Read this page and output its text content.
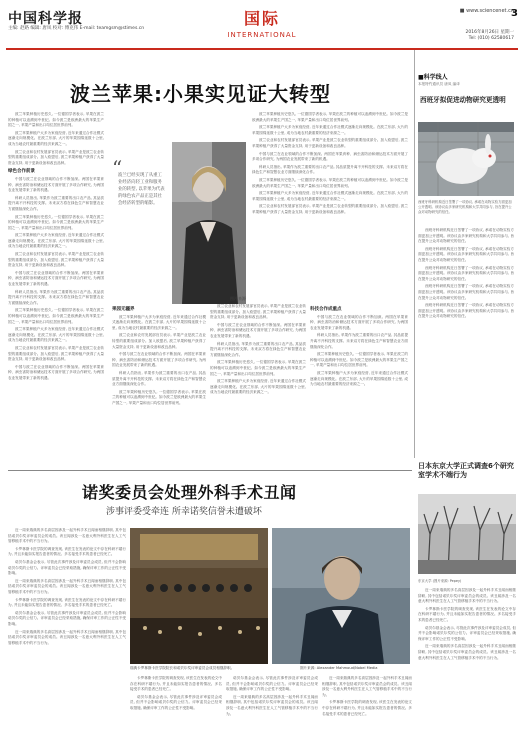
中国科学报
主编: 赵路 编辑: 唐凤 校对: 傅克伟 E-mail: teamgsm@stimes.cn
国际
INTERNATIONAL
■ www.sciencenet.cn
2016年8月26日 星期一
Tel: (010) 62580617
3
波兰苹果:小果实见证大转型

波兰苹果种植历史悠久, 一位德国学者表示, 苹果在波兰的种植可以追溯到中世纪。如今波兰是欧洲最大的苹果生产国之一, 苹果产量和出口均位居世界前列。

波兰苹果种植户大多为家庭经营, 近年来通过合作社模式逐渐走向规模化。在波兰东部, 大片的苹果园绵延数十公里, 成为当地农村最重要的经济来源之一。

波兰农业和农村发展部官员表示, 苹果产业是波兰农业转型的重要组成部分。加入欧盟后, 波兰苹果种植户获得了大量资金支持, 用于更新设备和改良品种。

绿色合作前景

中国与波兰在农业领域的合作不断加深。两国在苹果育种、病虫害防治和储运技术方面开展了多项合作研究, 为两国农业发展带来了新的机遇。

科研人员指出, 苹果作为波兰重要的出口农产品, 其品质提升离不开科技的支撑。未来双方将在绿色生产和智慧农业方面继续深化合作。

波兰苹果种植历史悠久, 一位德国学者表示, 苹果在波兰的种植可以追溯到中世纪。如今波兰是欧洲最大的苹果生产国之一, 苹果产量和出口均位居世界前列。

波兰苹果种植户大多为家庭经营, 近年来通过合作社模式逐渐走向规模化。在波兰东部, 大片的苹果园绵延数十公里, 成为当地农村最重要的经济来源之一。

波兰农业和农村发展部官员表示, 苹果产业是波兰农业转型的重要组成部分。加入欧盟后, 波兰苹果种植户获得了大量资金支持, 用于更新设备和改良品种。

中国与波兰在农业领域的合作不断加深。两国在苹果育种、病虫害防治和储运技术方面开展了多项合作研究, 为两国农业发展带来了新的机遇。

科研人员指出, 苹果作为波兰重要的出口农产品, 其品质提升离不开科技的支撑。未来双方将在绿色生产和智慧农业方面继续深化合作。

波兰苹果种植历史悠久, 一位德国学者表示, 苹果在波兰的种植可以追溯到中世纪。如今波兰是欧洲最大的苹果生产国之一, 苹果产量和出口均位居世界前列。

波兰苹果种植户大多为家庭经营, 近年来通过合作社模式逐渐走向规模化。在波兰东部, 大片的苹果园绵延数十公里, 成为当地农村最重要的经济来源之一。

波兰农业和农村发展部官员表示, 苹果产业是波兰农业转型的重要组成部分。加入欧盟后, 波兰苹果种植户获得了大量资金支持, 用于更新设备和改良品种。

中国与波兰在农业领域的合作不断加深。两国在苹果育种、病虫害防治和储运技术方面开展了多项合作研究, 为两国农业发展带来了新的机遇。

“
波兰已经实现了从重工业经济向轻工业和服务业的转型, 以苹果为代表的绿色农产品正是其社会经济转型的缩影。
图片来源

果园无疆界

波兰苹果种植户大多为家庭经营, 近年来通过合作社模式逐渐走向规模化。在波兰东部, 大片的苹果园绵延数十公里, 成为当地农村最重要的经济来源之一。

波兰农业和农村发展部官员表示, 苹果产业是波兰农业转型的重要组成部分。加入欧盟后, 波兰苹果种植户获得了大量资金支持, 用于更新设备和改良品种。

中国与波兰在农业领域的合作不断加深。两国在苹果育种、病虫害防治和储运技术方面开展了多项合作研究, 为两国农业发展带来了新的机遇。

科研人员指出, 苹果作为波兰重要的出口农产品, 其品质提升离不开科技的支撑。未来双方将在绿色生产和智慧农业方面继续深化合作。

波兰苹果种植历史悠久, 一位德国学者表示, 苹果在波兰的种植可以追溯到中世纪。如今波兰是欧洲最大的苹果生产国之一, 苹果产量和出口均位居世界前列。

波兰农业和农村发展部官员表示, 苹果产业是波兰农业转型的重要组成部分。加入欧盟后, 波兰苹果种植户获得了大量资金支持, 用于更新设备和改良品种。

中国与波兰在农业领域的合作不断加深。两国在苹果育种、病虫害防治和储运技术方面开展了多项合作研究, 为两国农业发展带来了新的机遇。

科研人员指出, 苹果作为波兰重要的出口农产品, 其品质提升离不开科技的支撑。未来双方将在绿色生产和智慧农业方面继续深化合作。

波兰苹果种植历史悠久, 一位德国学者表示, 苹果在波兰的种植可以追溯到中世纪。如今波兰是欧洲最大的苹果生产国之一, 苹果产量和出口均位居世界前列。

波兰苹果种植户大多为家庭经营, 近年来通过合作社模式逐渐走向规模化。在波兰东部, 大片的苹果园绵延数十公里, 成为当地农村最重要的经济来源之一。

波兰苹果种植历史悠久, 一位德国学者表示, 苹果在波兰的种植可以追溯到中世纪。如今波兰是欧洲最大的苹果生产国之一, 苹果产量和出口均位居世界前列。

波兰苹果种植户大多为家庭经营, 近年来通过合作社模式逐渐走向规模化。在波兰东部, 大片的苹果园绵延数十公里, 成为当地农村最重要的经济来源之一。

波兰农业和农村发展部官员表示, 苹果产业是波兰农业转型的重要组成部分。加入欧盟后, 波兰苹果种植户获得了大量资金支持, 用于更新设备和改良品种。

中国与波兰在农业领域的合作不断加深。两国在苹果育种、病虫害防治和储运技术方面开展了多项合作研究, 为两国农业发展带来了新的机遇。

科研人员指出, 苹果作为波兰重要的出口农产品, 其品质提升离不开科技的支撑。未来双方将在绿色生产和智慧农业方面继续深化合作。

波兰苹果种植历史悠久, 一位德国学者表示, 苹果在波兰的种植可以追溯到中世纪。如今波兰是欧洲最大的苹果生产国之一, 苹果产量和出口均位居世界前列。

波兰苹果种植户大多为家庭经营, 近年来通过合作社模式逐渐走向规模化。在波兰东部, 大片的苹果园绵延数十公里, 成为当地农村最重要的经济来源之一。

波兰农业和农村发展部官员表示, 苹果产业是波兰农业转型的重要组成部分。加入欧盟后, 波兰苹果种植户获得了大量资金支持, 用于更新设备和改良品种。

科技合作成重点

中国与波兰在农业领域的合作不断加深。两国在苹果育种、病虫害防治和储运技术方面开展了多项合作研究, 为两国农业发展带来了新的机遇。

科研人员指出, 苹果作为波兰重要的出口农产品, 其品质提升离不开科技的支撑。未来双方将在绿色生产和智慧农业方面继续深化合作。

波兰苹果种植历史悠久, 一位德国学者表示, 苹果在波兰的种植可以追溯到中世纪。如今波兰是欧洲最大的苹果生产国之一, 苹果产量和出口均位居世界前列。

波兰苹果种植户大多为家庭经营, 近年来通过合作社模式逐渐走向规模化。在波兰东部, 大片的苹果园绵延数十公里, 成为当地农村最重要的经济来源之一。

■科学线人
本报特约通讯员 唐凤 编译
西班牙拟促进动物研究更透明
西班牙科研机构近日签署了一项协议, 承诺在动物实验方面更加公开透明。该协议由多家研究机构和大学共同参与, 旨在提升公众对动物研究的信任。

西班牙科研机构近日签署了一项协议, 承诺在动物实验方面更加公开透明。该协议由多家研究机构和大学共同参与, 旨在提升公众对动物研究的信任。

西班牙科研机构近日签署了一项协议, 承诺在动物实验方面更加公开透明。该协议由多家研究机构和大学共同参与, 旨在提升公众对动物研究的信任。

西班牙科研机构近日签署了一项协议, 承诺在动物实验方面更加公开透明。该协议由多家研究机构和大学共同参与, 旨在提升公众对动物研究的信任。

西班牙科研机构近日签署了一项协议, 承诺在动物实验方面更加公开透明。该协议由多家研究机构和大学共同参与, 旨在提升公众对动物研究的信任。

西班牙科研机构近日签署了一项协议, 承诺在动物实验方面更加公开透明。该协议由多家研究机构和大学共同参与, 旨在提升公众对动物研究的信任。

诺奖委员会处理外科手术丑闻
涉事评委受牵连 所幸诺奖信誉未遭破坏

近一周来瑞典的多名高层因涉及一起外科手术丑闻而相继辞职, 其中包括诺贝尔奖评审委员会的成员。该丑闻涉及一名意大利外科医生在人工气管移植手术中的不当行为。

卡罗林斯卡医学院的调查发现, 该医生在发表的论文中存在科研不端行为, 并且未能如实报告患者的情况。多名接受手术的患者已经死亡。

诺贝尔基金会表示, 尽管此次事件涉及评审委员会成员, 但并不会影响诺贝尔奖的公信力。评审委员会已经采取措施, 确保评审工作的公正性不受影响。

近一周来瑞典的多名高层因涉及一起外科手术丑闻而相继辞职, 其中包括诺贝尔奖评审委员会的成员。该丑闻涉及一名意大利外科医生在人工气管移植手术中的不当行为。

卡罗林斯卡医学院的调查发现, 该医生在发表的论文中存在科研不端行为, 并且未能如实报告患者的情况。多名接受手术的患者已经死亡。

诺贝尔基金会表示, 尽管此次事件涉及评审委员会成员, 但并不会影响诺贝尔奖的公信力。评审委员会已经采取措施, 确保评审工作的公正性不受影响。

近一周来瑞典的多名高层因涉及一起外科手术丑闻而相继辞职, 其中包括诺贝尔奖评审委员会的成员。该丑闻涉及一名意大利外科医生在人工气管移植手术中的不当行为。

瑞典卡罗林斯卡医学院院长和诺贝尔奖评审委员会成员相继辞职。	图片来源: Alexander Mahmoud/Nobel Media

卡罗林斯卡医学院的调查发现, 该医生在发表的论文中存在科研不端行为, 并且未能如实报告患者的情况。多名接受手术的患者已经死亡。

诺贝尔基金会表示, 尽管此次事件涉及评审委员会成员, 但并不会影响诺贝尔奖的公信力。评审委员会已经采取措施, 确保评审工作的公正性不受影响。

诺贝尔基金会表示, 尽管此次事件涉及评审委员会成员, 但并不会影响诺贝尔奖的公信力。评审委员会已经采取措施, 确保评审工作的公正性不受影响。

近一周来瑞典的多名高层因涉及一起外科手术丑闻而相继辞职, 其中包括诺贝尔奖评审委员会的成员。该丑闻涉及一名意大利外科医生在人工气管移植手术中的不当行为。

近一周来瑞典的多名高层因涉及一起外科手术丑闻而相继辞职, 其中包括诺贝尔奖评审委员会的成员。该丑闻涉及一名意大利外科医生在人工气管移植手术中的不当行为。

卡罗林斯卡医学院的调查发现, 该医生在发表的论文中存在科研不端行为, 并且未能如实报告患者的情况。多名接受手术的患者已经死亡。

日本东京大学正式调查6个研究室学术不端行为
东京大学 (图片来源: Pepey)

近一周来瑞典的多名高层因涉及一起外科手术丑闻而相继辞职, 其中包括诺贝尔奖评审委员会的成员。该丑闻涉及一名意大利外科医生在人工气管移植手术中的不当行为。

卡罗林斯卡医学院的调查发现, 该医生在发表的论文中存在科研不端行为, 并且未能如实报告患者的情况。多名接受手术的患者已经死亡。

诺贝尔基金会表示, 尽管此次事件涉及评审委员会成员, 但并不会影响诺贝尔奖的公信力。评审委员会已经采取措施, 确保评审工作的公正性不受影响。

近一周来瑞典的多名高层因涉及一起外科手术丑闻而相继辞职, 其中包括诺贝尔奖评审委员会的成员。该丑闻涉及一名意大利外科医生在人工气管移植手术中的不当行为。
